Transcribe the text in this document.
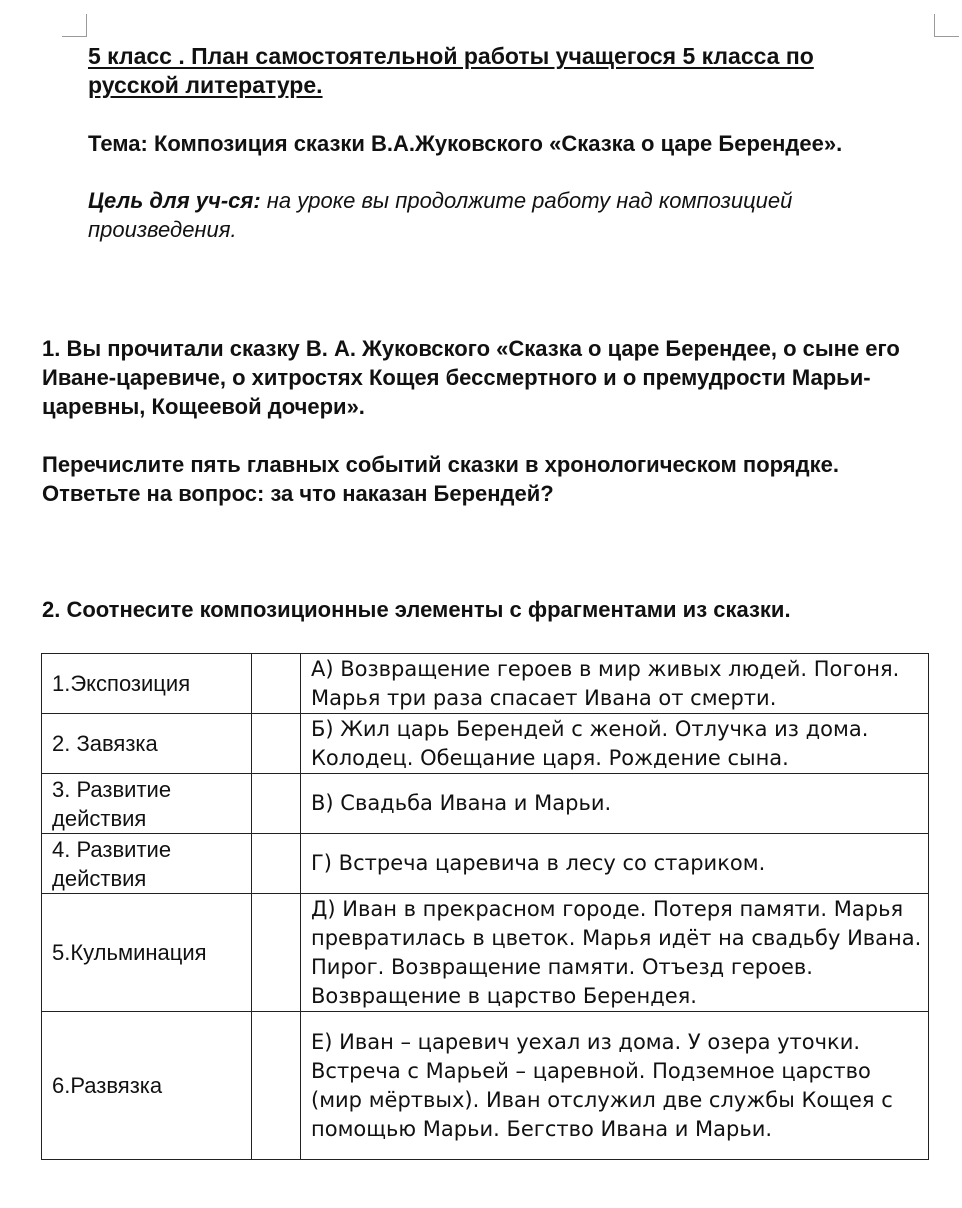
5 класс . План самостоятельной работы учащегося 5 класса по
русской литературе.
Тема: Композиция сказки В.А.Жуковского «Сказка о царе Берендее».
Цель для уч-ся: на уроке вы продолжите работу над композицией произведения.

1. Вы прочитали сказку В. А. Жуковского «Сказка о царе Берендее, о сыне его Иване-царевиче, о хитростях Кощея бессмертного и о премудрости Марьи-царевны, Кощеевой дочери».

Перечислите пять главных событий сказки в хронологическом порядке.

Ответьте на вопрос: за что наказан Берендей?

2. Соотнесите композиционные элементы с фрагментами из сказки.
1.Экспозиция		А) Возвращение героев в мир живых людей. Погоня. Марья три раза спасает Ивана от смерти.
2. Завязка		Б) Жил царь Берендей с женой. Отлучка из дома. Колодец. Обещание царя. Рождение сына.
3. Развитие действия		В) Свадьба Ивана и Марьи.
4. Развитие действия		Г) Встреча царевича в лесу со стариком.
5.Кульминация		Д) Иван в прекрасном городе. Потеря памяти. Марья превратилась в цветок. Марья идёт на свадьбу Ивана. Пирог. Возвращение памяти. Отъезд героев. Возвращение в царство Берендея.
6.Развязка		Е) Иван – царевич уехал из дома. У озера уточки. Встреча с Марьей – царевной. Подземное царство (мир мёртвых). Иван отслужил две службы Кощея с помощью Марьи. Бегство Ивана и Марьи.
